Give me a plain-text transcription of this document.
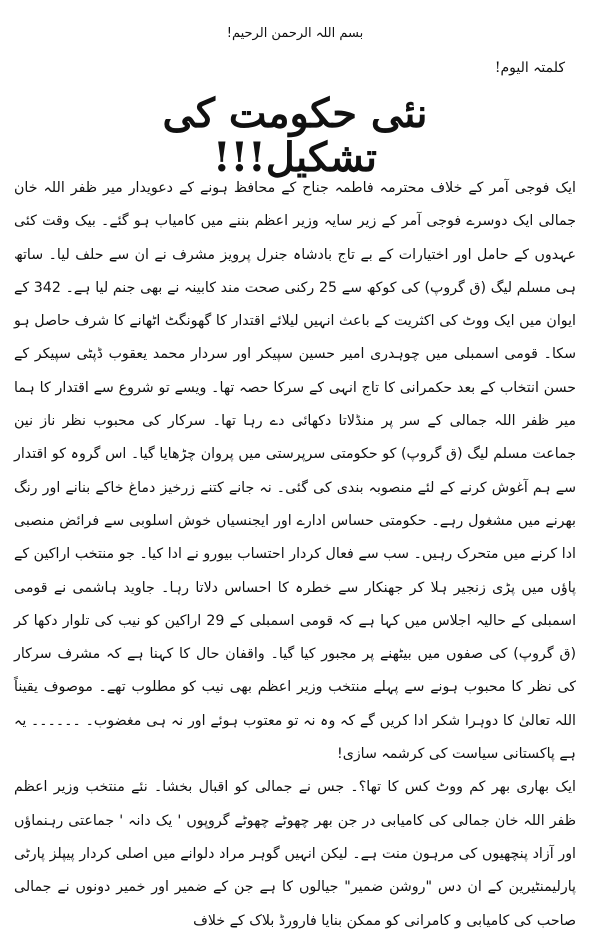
بسم اللہ الرحمن الرحیم!
کلمتہ الیوم!
نئی حکومت کی تشکیل!!!

ایک فوجی آمر کے خلاف محترمہ فاطمہ جناح کے محافظ ہونے کے دعویدار میر ظفر اللہ خان جمالی ایک دوسرے فوجی آمر کے زیر سایہ وزیر اعظم بننے میں کامیاب ہو گئے۔ بیک وقت کئی عہدوں کے حامل اور اختیارات کے بے تاج بادشاہ جنرل پرویز مشرف نے ان سے حلف لیا۔ ساتھ ہی مسلم لیگ (ق گروپ) کی کوکھ سے 25 رکنی صحت مند کابینہ نے بھی جنم لیا ہے۔ 342 کے ایوان میں ایک ووٹ کی اکثریت کے باعث انہیں لیلائے اقتدار کا گھونگٹ اٹھانے کا شرف حاصل ہو سکا۔ قومی اسمبلی میں چوہدری امیر حسین سپیکر اور سردار محمد یعقوب ڈپٹی سپیکر کے حسن انتخاب کے بعد حکمرانی کا تاج انہی کے سرکا حصہ تھا۔ ویسے تو شروع سے اقتدار کا ہما میر ظفر اللہ جمالی کے سر پر منڈلاتا دکھائی دے رہا تھا۔ سرکار کی محبوب نظر ناز نین جماعت مسلم لیگ (ق گروپ) کو حکومتی سرپرستی میں پروان چڑھایا گیا۔ اس گروہ کو اقتدار سے ہم آغوش کرنے کے لئے منصوبہ بندی کی گئی۔ نہ جانے کتنے زرخیز دماغ خاکے بنانے اور رنگ بھرنے میں مشغول رہے۔ حکومتی حساس ادارے اور ایجنسیاں خوش اسلوبی سے فرائض منصبی ادا کرنے میں متحرک رہیں۔ سب سے فعال کردار احتساب بیورو نے ادا کیا۔ جو منتخب اراکین کے پاؤں میں پڑی زنجیر ہلا کر جھنکار سے خطرہ کا احساس دلاتا رہا۔ جاوید ہاشمی نے قومی اسمبلی کے حالیہ اجلاس میں کہا ہے کہ قومی اسمبلی کے 29 اراکین کو نیب کی تلوار دکھا کر (ق گروپ) کی صفوں میں بیٹھنے پر مجبور کیا گیا۔ واقفان حال کا کہنا ہے کہ مشرف سرکار کی نظر کا محبوب ہونے سے پہلے منتخب وزیر اعظم بھی نیب کو مطلوب تھے۔ موصوف یقیناً اللہ تعالیٰ کا دوہرا شکر ادا کریں گے کہ وہ نہ تو معتوب ہوئے اور نہ ہی مغضوب۔ ۔۔۔۔۔۔ یہ ہے پاکستانی سیاست کی کرشمہ سازی!

ایک بھاری بھر کم ووٹ کس کا تھا؟۔ جس نے جمالی کو اقبال بخشا۔ نئے منتخب وزیر اعظم ظفر اللہ خان جمالی کی کامیابی در جن بھر چھوٹے چھوٹے گروپوں ' یک دانہ ' جماعتی رہنماؤں اور آزاد پنچھیوں کی مرہون منت ہے۔ لیکن انہیں گوہر مراد دلوانے میں اصلی کردار پیپلز پارٹی پارلیمنٹیرین کے ان دس "روشن ضمیر" جیالوں کا ہے جن کے ضمیر اور خمیر دونوں نے جمالی صاحب کی کامیابی و کامرانی کو ممکن بنایا فارورڈ بلاک کے خلاف
